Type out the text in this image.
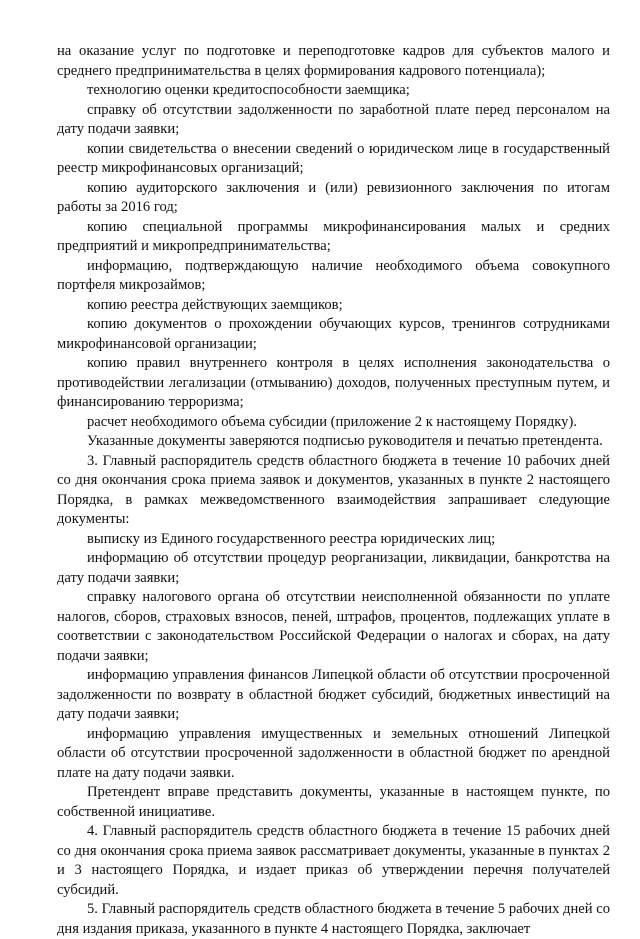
на оказание услуг по подготовке и переподготовке кадров для субъектов малого и среднего предпринимательства в целях формирования кадрового потенциала);

технологию оценки кредитоспособности заемщика;

справку об отсутствии задолженности по заработной плате перед персоналом на дату подачи заявки;

копии свидетельства о внесении сведений о юридическом лице в государственный реестр микрофинансовых организаций;

копию аудиторского заключения и (или) ревизионного заключения по итогам работы за 2016 год;

копию специальной программы микрофинансирования малых и средних предприятий и микропредпринимательства;

информацию, подтверждающую наличие необходимого объема совокупного портфеля микрозаймов;

копию реестра действующих заемщиков;

копию документов о прохождении обучающих курсов, тренингов сотрудниками микрофинансовой организации;

копию правил внутреннего контроля в целях исполнения законодательства о противодействии легализации (отмыванию) доходов, полученных преступным путем, и финансированию терроризма;

расчет необходимого объема субсидии (приложение 2 к настоящему Порядку).

Указанные документы заверяются подписью руководителя и печатью претендента.

3. Главный распорядитель средств областного бюджета в течение 10 рабочих дней со дня окончания срока приема заявок и документов, указанных в пункте 2 настоящего Порядка, в рамках межведомственного взаимодействия запрашивает следующие документы:

выписку из Единого государственного реестра юридических лиц;

информацию об отсутствии процедур реорганизации, ликвидации, банкротства на дату подачи заявки;

справку налогового органа об отсутствии неисполненной обязанности по уплате налогов, сборов, страховых взносов, пеней, штрафов, процентов, подлежащих уплате в соответствии с законодательством Российской Федерации о налогах и сборах, на дату подачи заявки;

информацию управления финансов Липецкой области об отсутствии просроченной задолженности по возврату в областной бюджет субсидий, бюджетных инвестиций на дату подачи заявки;

информацию управления имущественных и земельных отношений Липецкой области об отсутствии просроченной задолженности в областной бюджет по арендной плате на дату подачи заявки.

Претендент вправе представить документы, указанные в настоящем пункте, по собственной инициативе.

4. Главный распорядитель средств областного бюджета в течение 15 рабочих дней со дня окончания срока приема заявок рассматривает документы, указанные в пунктах 2 и 3 настоящего Порядка, и издает приказ об утверждении перечня получателей субсидий.

5. Главный распорядитель средств областного бюджета в течение 5 рабочих дней со дня издания приказа, указанного в пункте 4 настоящего Порядка, заключает
